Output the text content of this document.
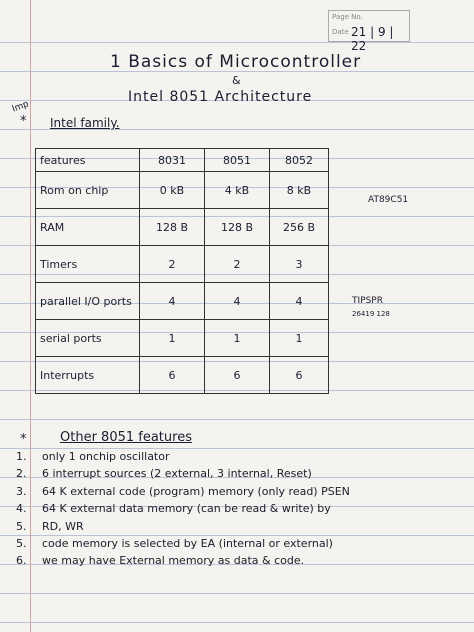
Page No.
Date 21 | 9 | 22
1 Basics of Microcontroller
&
Intel 8051 Architecture
Imp
* Intel family.
features	8031	8051	8052
Rom on chip	0 kB	4 kB	8 kB
RAM	128 B	128 B	256 B
Timers	2	2	3
parallel I/O ports	4	4	4
serial ports	1	1	1
Interrupts	6	6	6
AT89C51
TIPSPR
26419 128
*	Other 8051 features
1.	only 1 onchip oscillator
2.	6 interrupt sources (2 external, 3 internal, Reset)
3.	64 K external code (program) memory (only read) PSEN
4.	64 K external data memory (can be read & write) by
5.	RD, WR
5.	code memory is selected by EA (internal or external)
6.	we may have External memory as data & code.
